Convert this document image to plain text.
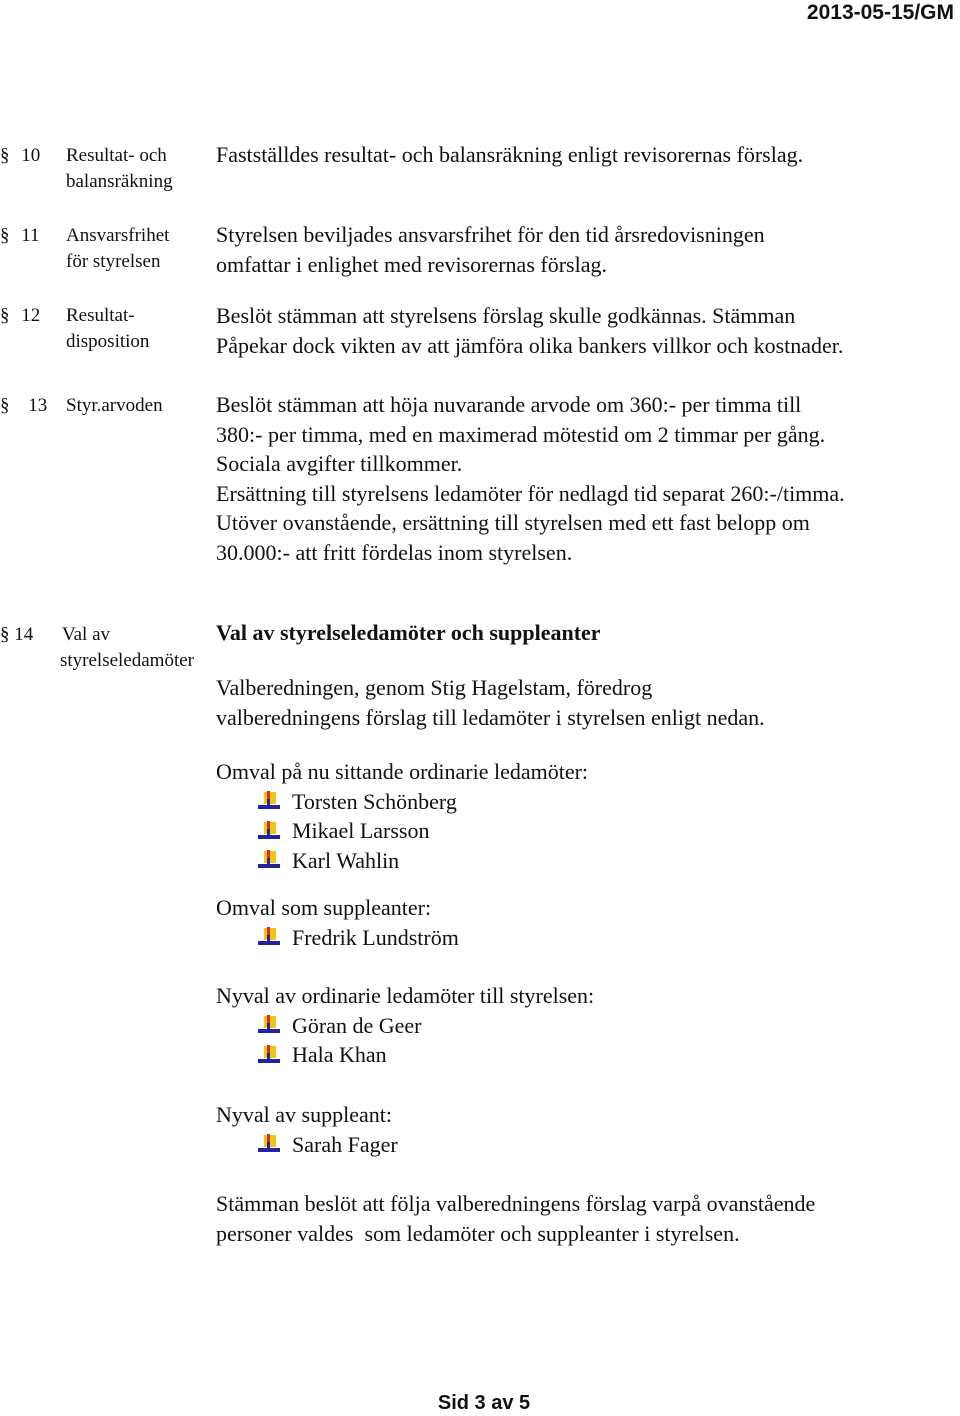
2013-05-15/GM
§ 10 Resultat- och
balansräkning
Fastställdes resultat- och balansräkning enligt revisorernas förslag.
§ 11 Ansvarsfrihet
för styrelsen
Styrelsen beviljades ansvarsfrihet för den tid årsredovisningen
omfattar i enlighet med revisorernas förslag.
§ 12 Resultat-
disposition
Beslöt stämman att styrelsens förslag skulle godkännas. Stämman
Påpekar dock vikten av att jämföra olika bankers villkor och kostnader.
§ 13 Styr.arvoden Beslöt stämman att höja nuvarande arvode om 360:- per timma till
380:- per timma, med en maximerad mötestid om 2 timmar per gång.
Sociala avgifter tillkommer.
Ersättning till styrelsens ledamöter för nedlagd tid separat 260:-/timma.
Utöver ovanstående, ersättning till styrelsen med ett fast belopp om
30.000:- att fritt fördelas inom styrelsen.
§ 14 Val av
styrelseledamöter
Val av styrelseledamöter och suppleanter
Valberedningen, genom Stig Hagelstam, föredrog
valberedningens förslag till ledamöter i styrelsen enligt nedan.
Omval på nu sittande ordinarie ledamöter:
Torsten Schönberg
Mikael Larsson
Karl Wahlin
Omval som suppleanter:
Fredrik Lundström
Nyval av ordinarie ledamöter till styrelsen:
Göran de Geer
Hala Khan
Nyval av suppleant:
Sarah Fager
Stämman beslöt att följa valberedningens förslag varpå ovanstående
personer valdes  som ledamöter och suppleanter i styrelsen.
Sid 3 av 5
